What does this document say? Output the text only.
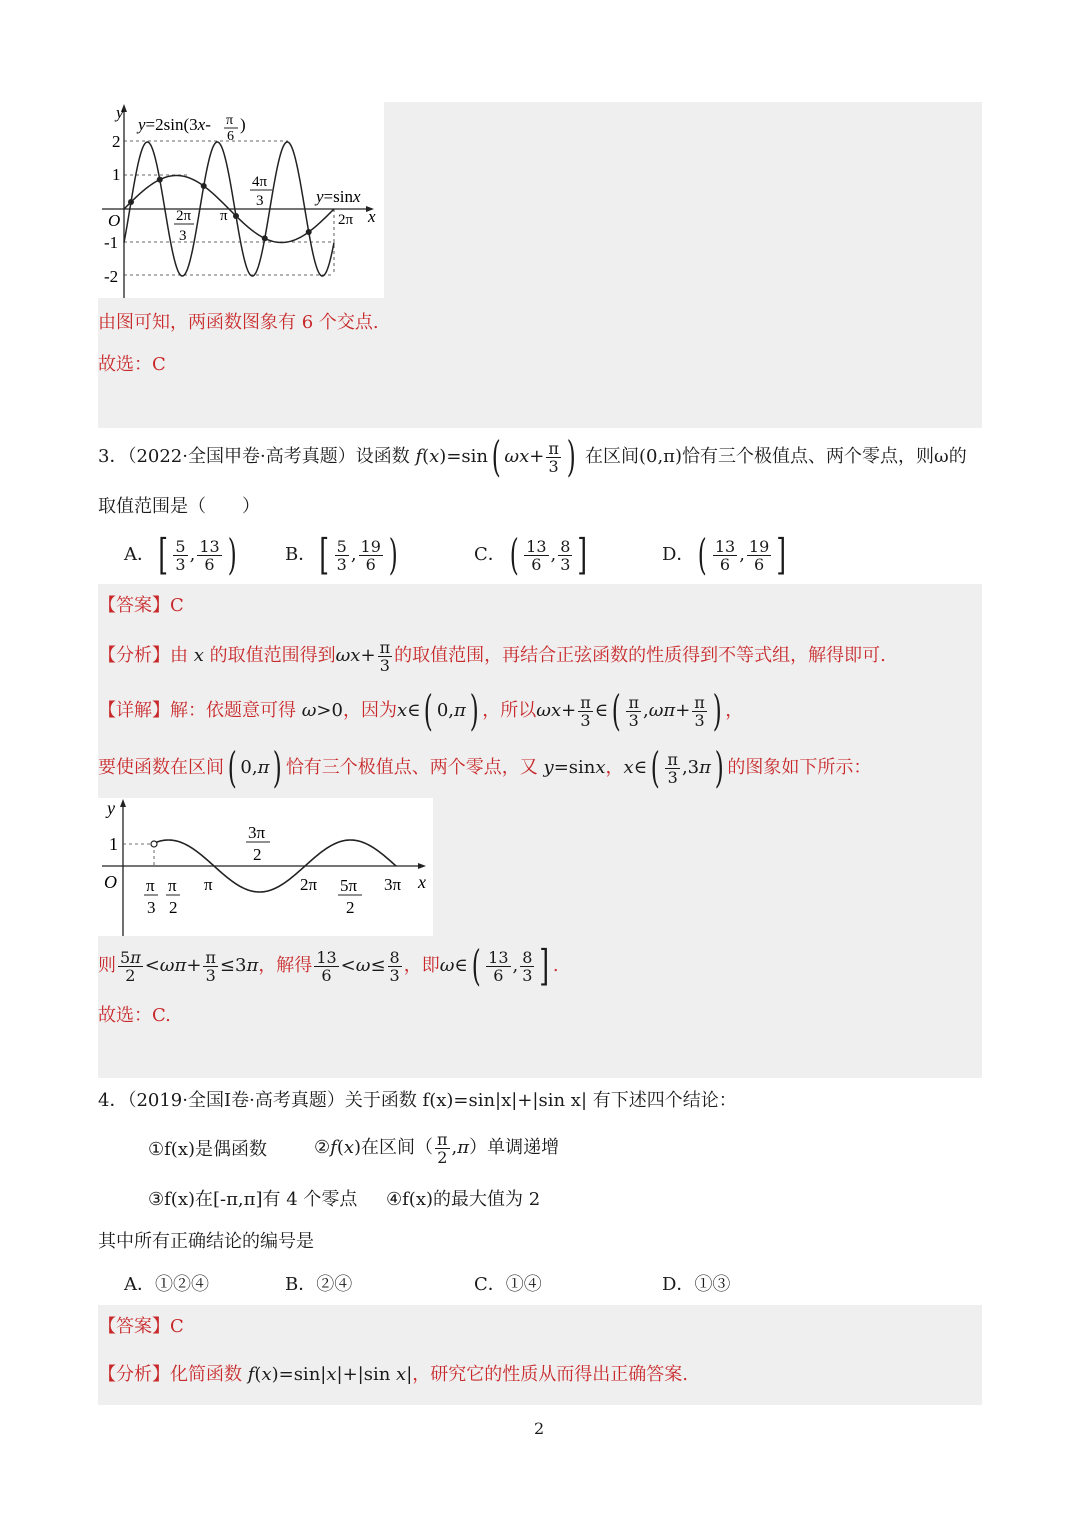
y
2
1
O
-1
-2
y=2sin(3x- π
6
)
y=sinx
2π
3
π
4π
3
2π x
由图可知，两函数图象有 6 个交点.
故选：C
3．（2022·全国甲卷·高考真题）设函数 f(x)=sin( $\omega x+ \frac{\pi}{3}$ ) 在区间(0,π)恰有三个极值点、两个零点，则ω的
取值范围是（　　）
A．[ $\frac{5}{3}$ , $\frac{13}{6}$ )	B．[ $\frac{5}{3}$ , $\frac{19}{6}$ )	C．( $\frac{13}{6}$ , $\frac{8}{3}$ ]	D．( $\frac{13}{6}$ , $\frac{19}{6}$ ]
【答案】C
【分析】由 x 的取值范围得到$\omega x+ \frac{\pi}{3}$ 的取值范围，再结合正弦函数的性质得到不等式组，解得即可.
【详解】解：依题意可得 ω>0，因为x∈( 0,π) ，所以$\omega x+ \frac{\pi}{3}$ ∈( $\frac{\pi}{3} ,\omega\pi+ \frac{\pi}{3}$ ) ，
要使函数在区间( 0,π) 恰有三个极值点、两个零点，又 y=sinx，x∈( $\frac{\pi}{3} ,3\pi$) 的图象如下所示：
y
1
O π
3
π
2
π
3π
2
2π 5π
2
3π x
则 $\frac{5\pi}{2} <\omega\pi+ \frac{\pi}{3} \le 3\pi$，解得 $\frac{13}{6} <\omega\le \frac{8}{3}$ ，即ω∈( $\frac{13}{6}$ , $\frac{8}{3}$ ] .
故选：C.
4．（2019·全国Ⅰ卷·高考真题）关于函数 f(x)=sin|x|+|sin x| 有下述四个结论：
①f(x)是偶函数	②f(x)在区间（ $\frac{\pi}{2} ,\pi$）单调递增
③f(x)在[-π,π]有 4 个零点 ④f(x)的最大值为 2
其中所有正确结论的编号是
A．①②④	B．②④	C．①④	D．①③
【答案】C
【分析】化简函数 f(x)=sin|x|+|sin x|，研究它的性质从而得出正确答案.
2
